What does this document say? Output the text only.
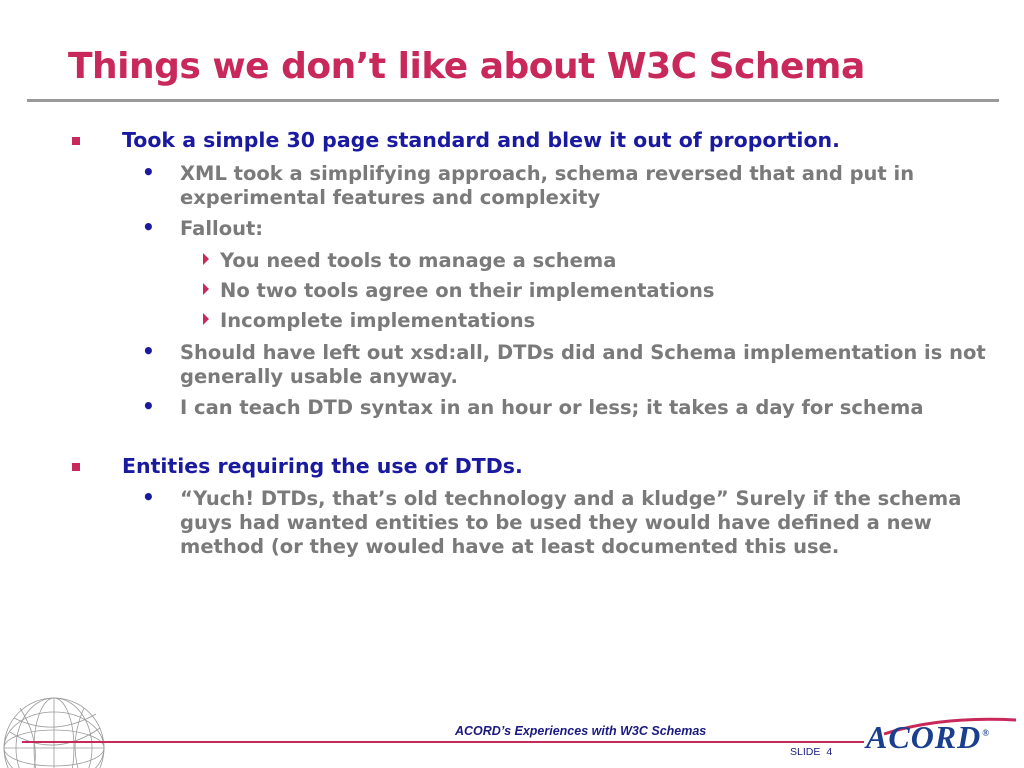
Things we don’t like about W3C Schema
Took a simple 30 page standard and blew it out of proportion.
• XML took a simplifying approach, schema reversed that and put in experimental features and complexity
• Fallout:
You need tools to manage a schema
No two tools agree on their implementations
Incomplete implementations
• Should have left out xsd:all, DTDs did and Schema implementation is not generally usable anyway.
• I can teach DTD syntax in an hour or less; it takes a day for schema
Entities requiring the use of DTDs.
• “Yuch! DTDs, that’s old technology and a kludge” Surely if the schema guys had wanted entities to be used they would have defined a new method (or they wouled have at least documented this use.
ACORD’s Experiences with W3C Schemas
SLIDE 4 ACORD®
